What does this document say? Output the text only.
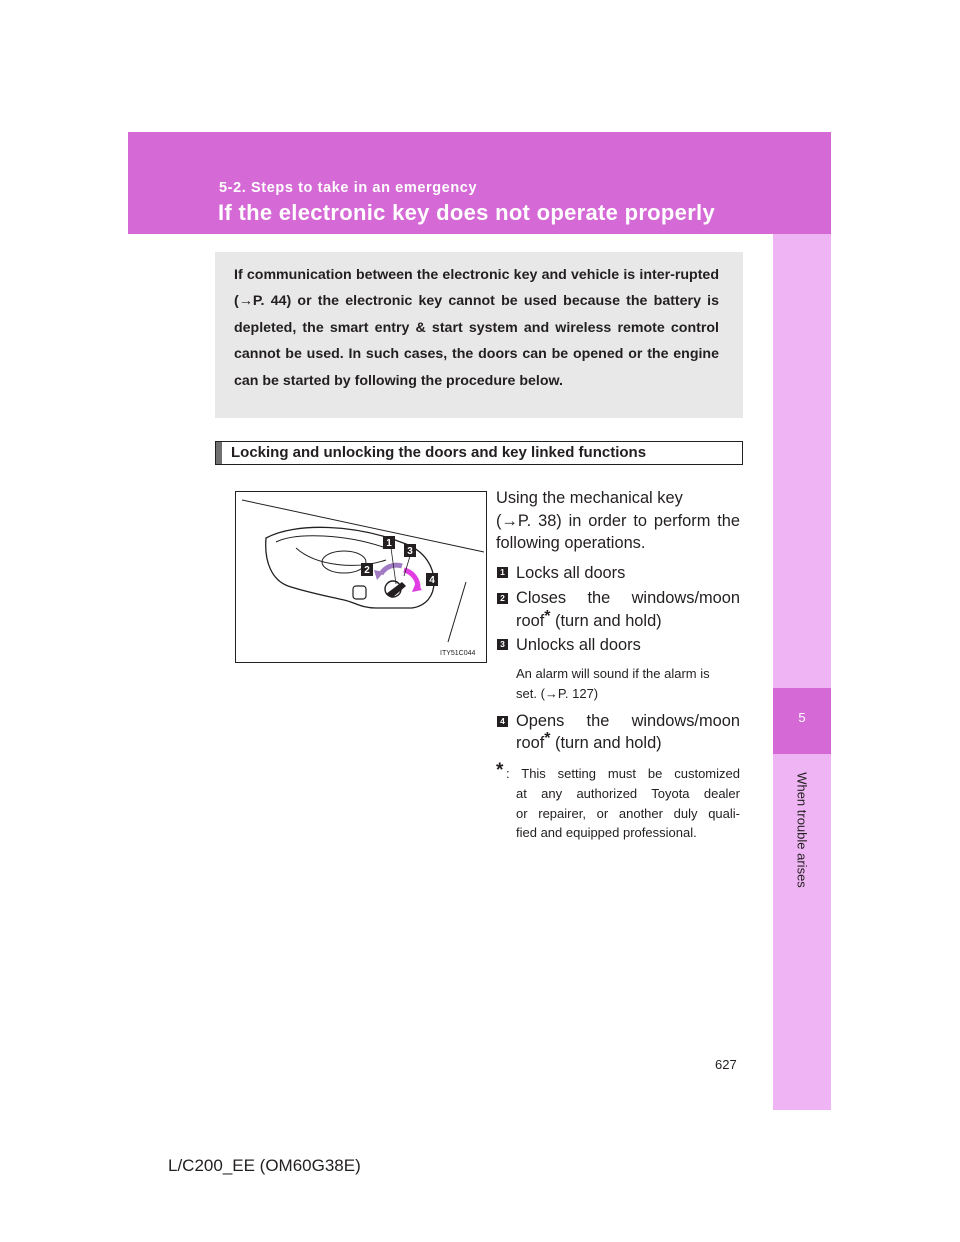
5-2. Steps to take in an emergency
If the electronic key does not operate properly
5
When trouble arises
If communication between the electronic key and vehicle is inter-rupted (→P. 44) or the electronic key cannot be used because the battery is depleted, the smart entry & start system and wireless remote control cannot be used. In such cases, the doors can be opened or the engine can be started by following the procedure below.
Locking and unlocking the doors and key linked functions
1
2
3
4
ITY51C044
Using the mechanical key
(→P. 38) in order to perform the
following operations.
1 Locks all doors
2 Closes the windows/moon
roof* (turn and hold)
3 Unlocks all doors
An alarm will sound if the alarm is
set. (→P. 127)
4 Opens the windows/moon
roof* (turn and hold)
* : This setting must be customized
at any authorized Toyota dealer
or repairer, or another duly quali-
fied and equipped professional.
627
L/C200_EE (OM60G38E)
